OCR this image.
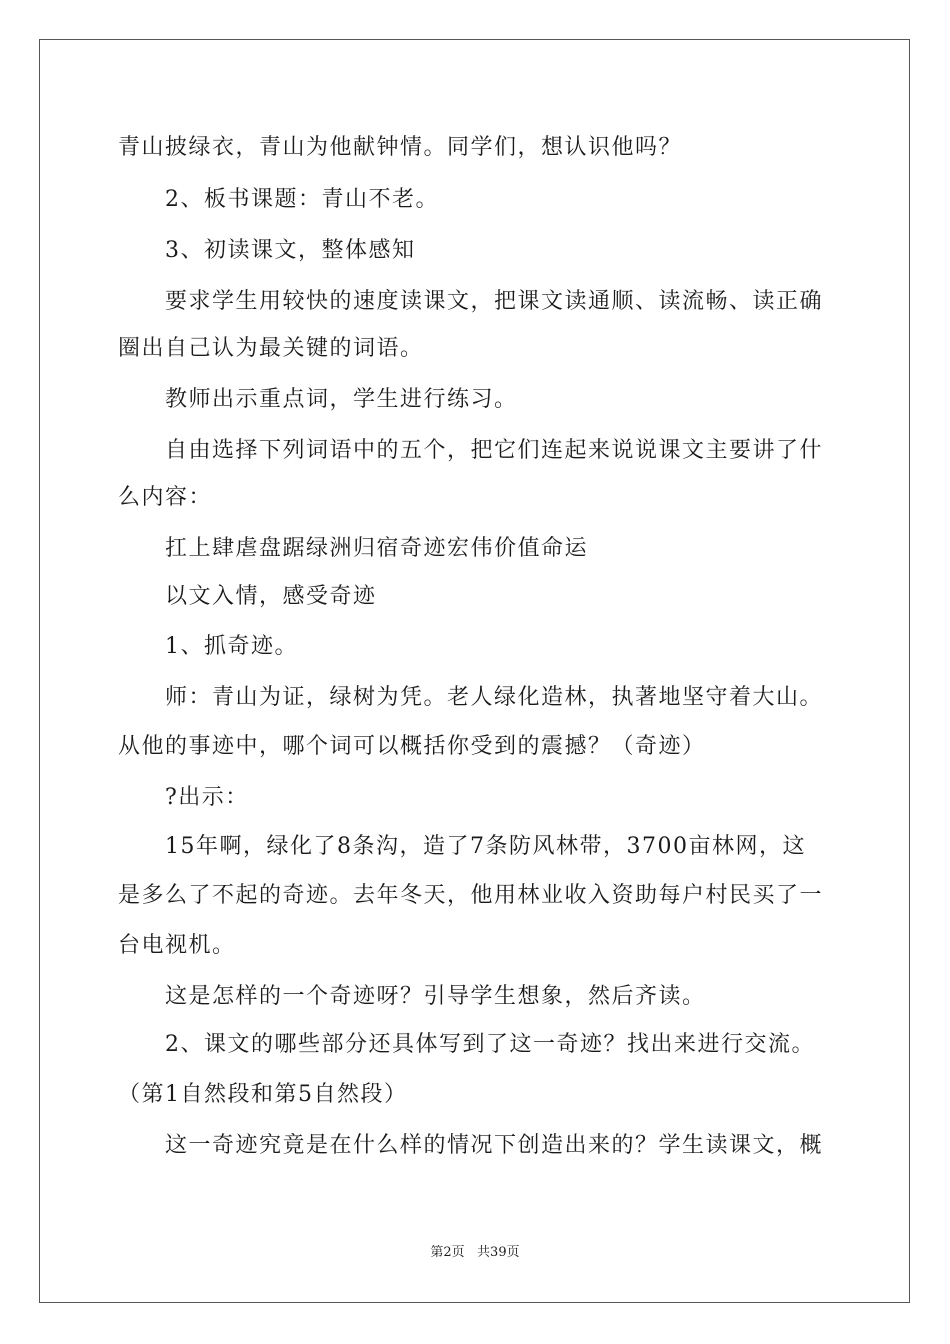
青山披绿衣，青山为他献钟情。同学们，想认识他吗？
2、板书课题：青山不老。
3、初读课文，整体感知
要求学生用较快的速度读课文，把课文读通顺、读流畅、读正确
圈出自己认为最关键的词语。
教师出示重点词，学生进行练习。
自由选择下列词语中的五个，把它们连起来说说课文主要讲了什
么内容：
扛上肆虐盘踞绿洲归宿奇迹宏伟价值命运
以文入情，感受奇迹
1、抓奇迹。
师：青山为证，绿树为凭。老人绿化造林，执著地坚守着大山。
从他的事迹中，哪个词可以概括你受到的震撼？（奇迹）
?出示：
15年啊，绿化了8条沟，造了7条防风林带，3700亩林网，这
是多么了不起的奇迹。去年冬天，他用林业收入资助每户村民买了一
台电视机。
这是怎样的一个奇迹呀？引导学生想象，然后齐读。
2、课文的哪些部分还具体写到了这一奇迹？找出来进行交流。
（第1自然段和第5自然段）
这一奇迹究竟是在什么样的情况下创造出来的？学生读课文，概
第2页   共39页
